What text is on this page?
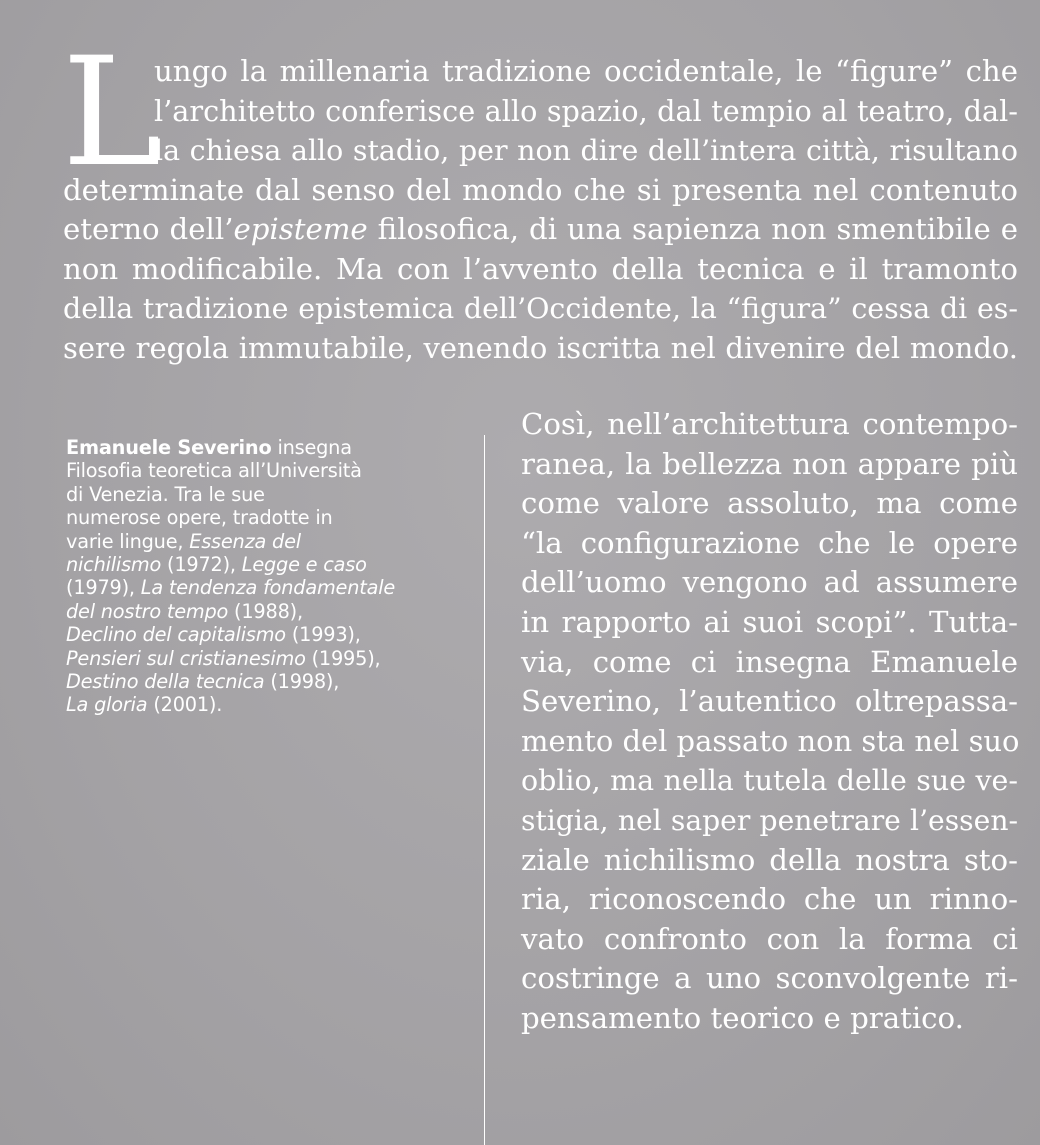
L
ungo la millenaria tradizione occidentale, le “figure” che
l’architetto conferisce allo spazio, dal tempio al teatro, dal-
la chiesa allo stadio, per non dire dell’intera città, risultano
determinate dal senso del mondo che si presenta nel contenuto
eterno dell’episteme filosofica, di una sapienza non smentibile e
non modificabile. Ma con l’avvento della tecnica e il tramonto
della tradizione epistemica dell’Occidente, la “figura” cessa di es-
sere regola immutabile, venendo iscritta nel divenire del mondo.
Emanuele Severino insegna
Filosofia teoretica all’Università
di Venezia. Tra le sue
numerose opere, tradotte in
varie lingue, Essenza del
nichilismo (1972), Legge e caso
(1979), La tendenza fondamentale
del nostro tempo (1988),
Declino del capitalismo (1993),
Pensieri sul cristianesimo (1995),
Destino della tecnica (1998),
La gloria (2001).
Così, nell’architettura contempo-
ranea, la bellezza non appare più
come valore assoluto, ma come
“la configurazione che le opere
dell’uomo vengono ad assumere
in rapporto ai suoi scopi”. Tutta-
via, come ci insegna Emanuele
Severino, l’autentico oltrepassa-
mento del passato non sta nel suo
oblio, ma nella tutela delle sue ve-
stigia, nel saper penetrare l’essen-
ziale nichilismo della nostra sto-
ria, riconoscendo che un rinno-
vato confronto con la forma ci
costringe a uno sconvolgente ri-
pensamento teorico e pratico.
